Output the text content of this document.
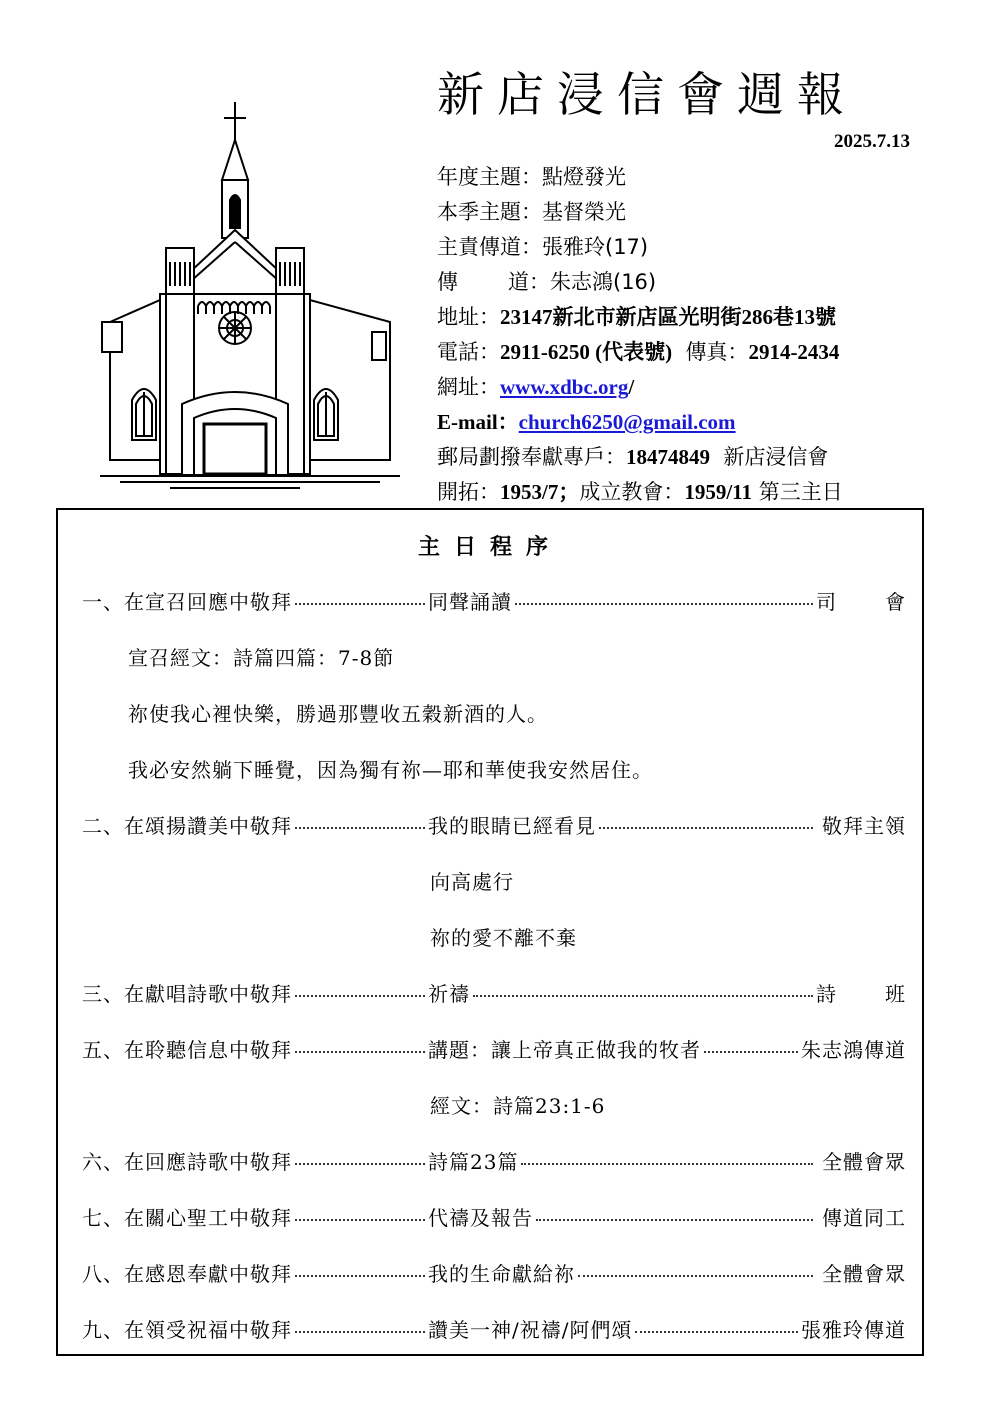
新店浸信會週報
2025.7.13
年度主題：點燈發光
本季主題：基督榮光
主責傳道：張雅玲(17)
傳 道：朱志鴻(16)
地址：23147新北市新店區光明街286巷13號
電話：2911-6250 (代表號) 傳真：2914-2434
網址：www.xdbc.org/
E-mail：church6250@gmail.com
郵局劃撥奉獻專戶：18474849 新店浸信會
開拓：1953/7；成立教會：1959/11 第三主日
主日程序
一、在宣召回應中敬拜	同聲誦讀	司會
二、在頌揚讚美中敬拜	我的眼睛已經看見	敬拜主領
三、在獻唱詩歌中敬拜	祈禱	詩班
五、在聆聽信息中敬拜	講題：讓上帝真正做我的牧者	朱志鴻傳道
六、在回應詩歌中敬拜	詩篇23篇	全體會眾
七、在關心聖工中敬拜	代禱及報告	傳道同工
八、在感恩奉獻中敬拜	我的生命獻給祢	全體會眾
九、在領受祝福中敬拜	讚美一神/祝禱/阿們頌	張雅玲傳道
宣召經文：詩篇四篇：7-8節
祢使我心裡快樂，勝過那豐收五穀新酒的人。
我必安然躺下睡覺，因為獨有祢—耶和華使我安然居住。
向高處行
祢的愛不離不棄
經文：詩篇23:1-6
